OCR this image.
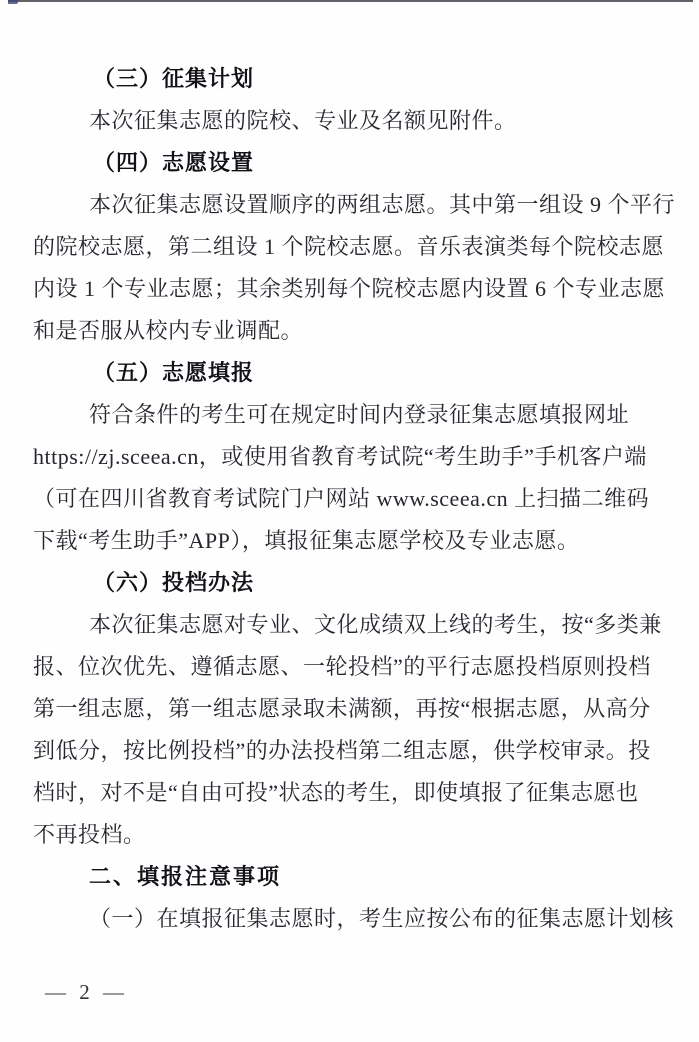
（三）征集计划
本次征集志愿的院校、专业及名额见附件。
（四）志愿设置
本次征集志愿设置顺序的两组志愿。其中第一组设 9 个平行
的院校志愿，第二组设 1 个院校志愿。音乐表演类每个院校志愿
内设 1 个专业志愿；其余类别每个院校志愿内设置 6 个专业志愿
和是否服从校内专业调配。
（五）志愿填报
符合条件的考生可在规定时间内登录征集志愿填报网址
https://zj.sceea.cn，或使用省教育考试院“考生助手”手机客户端
（可在四川省教育考试院门户网站 www.sceea.cn 上扫描二维码
下载“考生助手”APP），填报征集志愿学校及专业志愿。
（六）投档办法
本次征集志愿对专业、文化成绩双上线的考生，按“多类兼
报、位次优先、遵循志愿、一轮投档”的平行志愿投档原则投档
第一组志愿，第一组志愿录取未满额，再按“根据志愿，从高分
到低分，按比例投档”的办法投档第二组志愿，供学校审录。投
档时，对不是“自由可投”状态的考生，即使填报了征集志愿也
不再投档。
二、填报注意事项
（一）在填报征集志愿时，考生应按公布的征集志愿计划核
— 2 —
